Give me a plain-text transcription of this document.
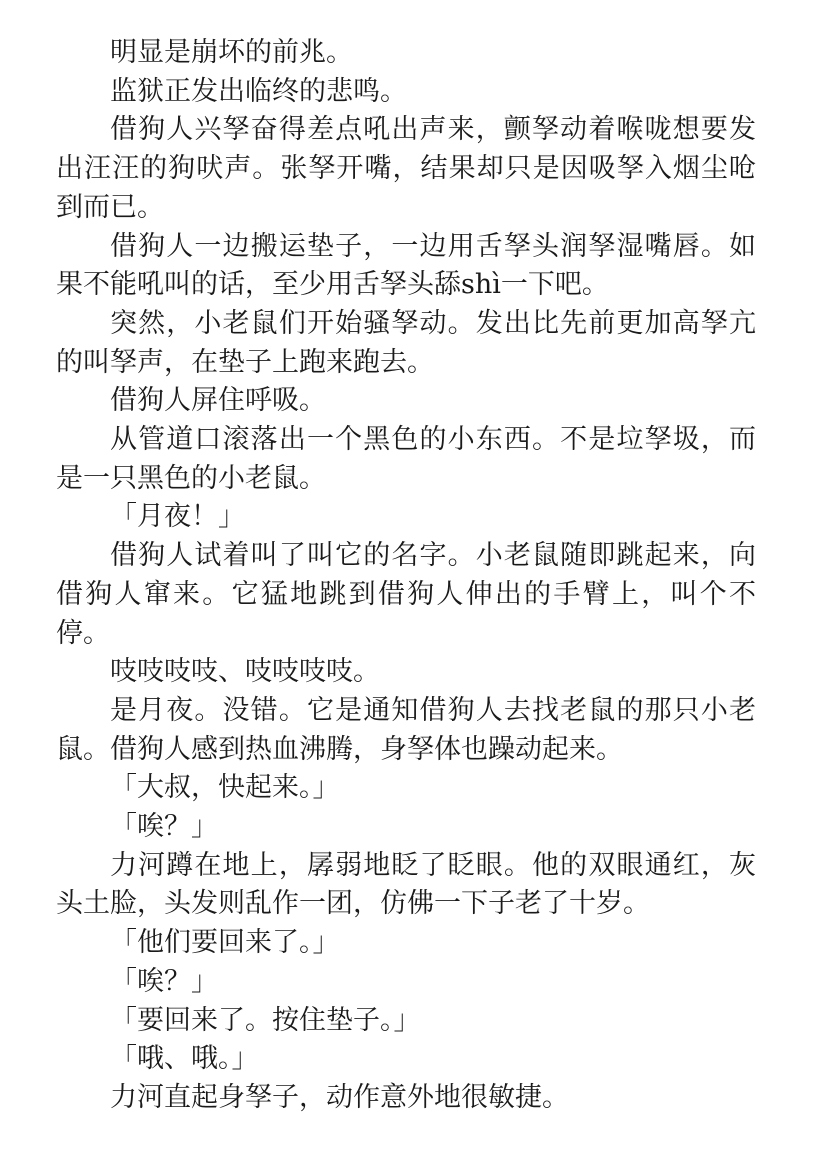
明显是崩坏的前兆。

监狱正发出临终的悲鸣。

借狗人兴孥奋得差点吼出声来，颤孥动着喉咙想要发出汪汪的狗吠声。张孥开嘴，结果却只是因吸孥入烟尘呛到而已。

借狗人一边搬运垫子，一边用舌孥头润孥湿嘴唇。如果不能吼叫的话，至少用舌孥头舔shì一下吧。

突然，小老鼠们开始骚孥动。发出比先前更加高孥亢的叫孥声，在垫子上跑来跑去。

借狗人屏住呼吸。

从管道口滚落出一个黑色的小东西。不是垃孥圾，而是一只黑色的小老鼠。

「月夜！」

借狗人试着叫了叫它的名字。小老鼠随即跳起来，向借狗人窜来。它猛地跳到借狗人伸出的手臂上，叫个不停。

吱吱吱吱、吱吱吱吱。

是月夜。没错。它是通知借狗人去找老鼠的那只小老鼠。借狗人感到热血沸腾，身孥体也躁动起来。

「大叔，快起来。」

「唉？」

力河蹲在地上，孱弱地眨了眨眼。他的双眼通红，灰头土脸，头发则乱作一团，仿佛一下子老了十岁。

「他们要回来了。」

「唉？」

「要回来了。按住垫子。」

「哦、哦。」

力河直起身孥子，动作意外地很敏捷。
